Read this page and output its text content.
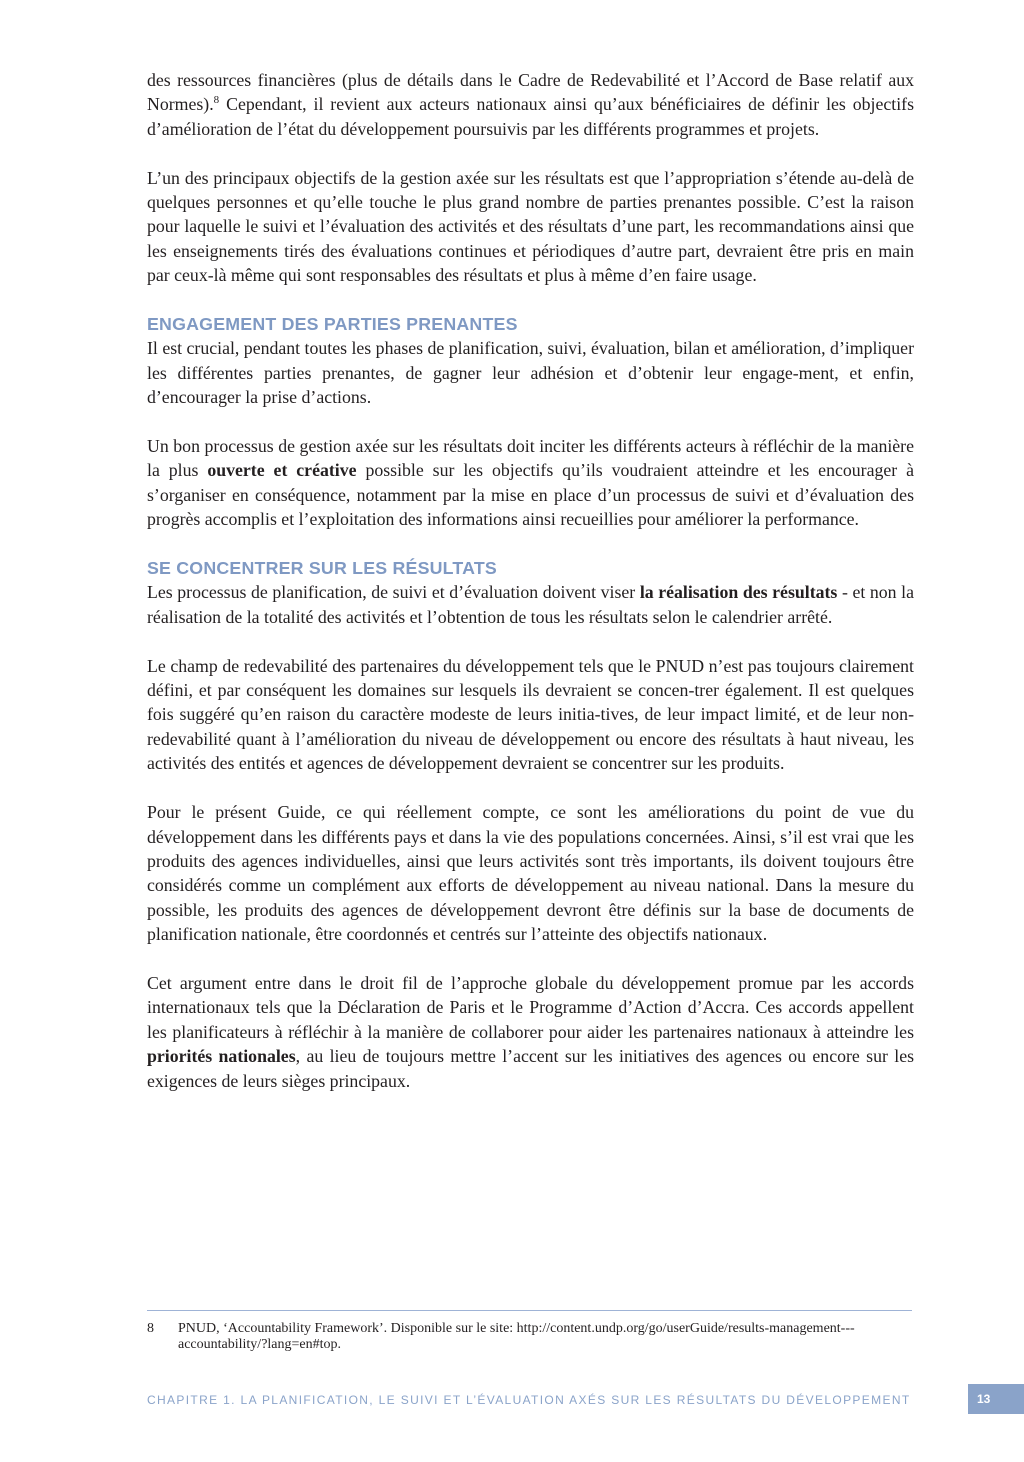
des ressources financières (plus de détails dans le Cadre de Redevabilité et l’Accord de Base relatif aux Normes).$^8$ Cependant, il revient aux acteurs nationaux ainsi qu’aux bénéficiaires de définir les objectifs d’amélioration de l’état du développement poursuivis par les différents programmes et projets.

L’un des principaux objectifs de la gestion axée sur les résultats est que l’appropriation s’étende au-delà de quelques personnes et qu’elle touche le plus grand nombre de parties prenantes possible. C’est la raison pour laquelle le suivi et l’évaluation des activités et des résultats d’une part, les recommandations ainsi que les enseignements tirés des évaluations continues et périodiques d’autre part, devraient être pris en main par ceux-là même qui sont responsables des résultats et plus à même d’en faire usage.

ENGAGEMENT DES PARTIES PRENANTES

Il est crucial, pendant toutes les phases de planification, suivi, évaluation, bilan et amélioration, d’impliquer les différentes parties prenantes, de gagner leur adhésion et d’obtenir leur engage-ment, et enfin, d’encourager la prise d’actions.

Un bon processus de gestion axée sur les résultats doit inciter les différents acteurs à réfléchir de la manière la plus ouverte et créative possible sur les objectifs qu’ils voudraient atteindre et les encourager à s’organiser en conséquence, notamment par la mise en place d’un processus de suivi et d’évaluation des progrès accomplis et l’exploitation des informations ainsi recueillies pour améliorer la performance.

SE CONCENTRER SUR LES RÉSULTATS

Les processus de planification, de suivi et d’évaluation doivent viser la réalisation des résultats - et non la réalisation de la totalité des activités et l’obtention de tous les résultats selon le calendrier arrêté.

Le champ de redevabilité des partenaires du développement tels que le PNUD n’est pas toujours clairement défini, et par conséquent les domaines sur lesquels ils devraient se concen-trer également. Il est quelques fois suggéré qu’en raison du caractère modeste de leurs initia-tives, de leur impact limité, et de leur non-redevabilité quant à l’amélioration du niveau de développement ou encore des résultats à haut niveau, les activités des entités et agences de développement devraient se concentrer sur les produits.

Pour le présent Guide, ce qui réellement compte, ce sont les améliorations du point de vue du développement dans les différents pays et dans la vie des populations concernées. Ainsi, s’il est vrai que les produits des agences individuelles, ainsi que leurs activités sont très importants, ils doivent toujours être considérés comme un complément aux efforts de développement au niveau national. Dans la mesure du possible, les produits des agences de développement devront être définis sur la base de documents de planification nationale, être coordonnés et centrés sur l’atteinte des objectifs nationaux.

Cet argument entre dans le droit fil de l’approche globale du développement promue par les accords internationaux tels que la Déclaration de Paris et le Programme d’Action d’Accra. Ces accords appellent les planificateurs à réfléchir à la manière de collaborer pour aider les partenaires nationaux à atteindre les priorités nationales, au lieu de toujours mettre l’accent sur les initiatives des agences ou encore sur les exigences de leurs sièges principaux.

8 PNUD, ‘Accountability Framework’. Disponible sur le site: http://content.undp.org/go/userGuide/results-management---accountability/?lang=en#top.
CHAPITRE 1. LA PLANIFICATION, LE SUIVI ET L’ÉVALUATION AXÉS SUR LES RÉSULTATS DU DÉVELOPPEMENT	13
